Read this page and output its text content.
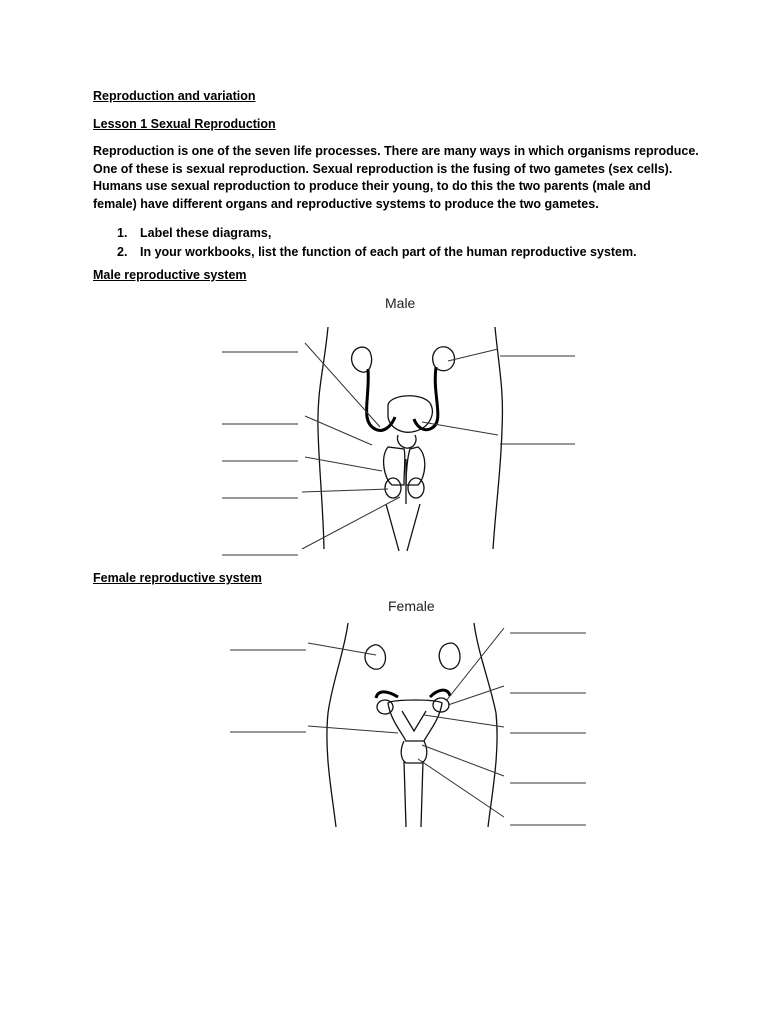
Reproduction and variation
Lesson 1 Sexual Reproduction
Reproduction is one of the seven life processes. There are many ways in which organisms reproduce.
One of these is sexual reproduction. Sexual reproduction is the fusing of two gametes (sex cells).
Humans use sexual reproduction to produce their young, to do this the two parents (male and
female) have different organs and reproductive systems to produce the two gametes.
1. Label these diagrams,
2. In your workbooks, list the function of each part of the human reproductive system.
Male reproductive system
Male
Female reproductive system
Female
